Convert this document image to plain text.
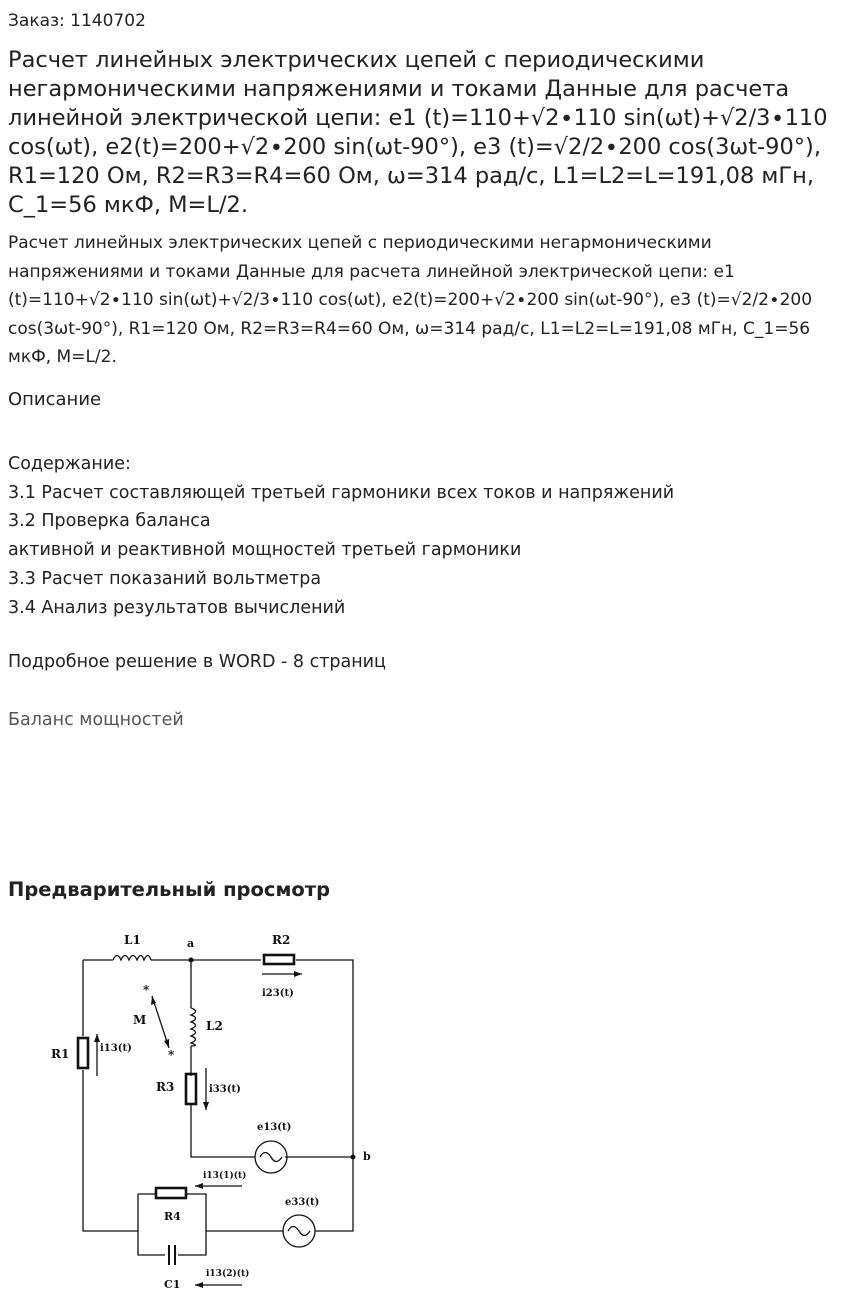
Заказ: 1140702
Расчет линейных электрических цепей с периодическими негармоническими напряжениями и токами Данные для расчета линейной электрической цепи: e1 (t)=110+√2∙110 sin(ωt)+√2/3∙110 cos(ωt), e2(t)=200+√2∙200 sin(ωt-90°), e3 (t)=√2/2∙200 cos(3ωt-90°), R1=120 Ом, R2=R3=R4=60 Ом, ω=314 рад/с, L1=L2=L=191,08 мГн, C_1=56 мкФ, M=L/2.

Расчет линейных электрических цепей с периодическими негармоническими напряжениями и токами Данные для расчета линейной электрической цепи: e1 (t)=110+√2∙110 sin(ωt)+√2/3∙110 cos(ωt), e2(t)=200+√2∙200 sin(ωt-90°), e3 (t)=√2/2∙200 cos(3ωt-90°), R1=120 Ом, R2=R3=R4=60 Ом, ω=314 рад/с, L1=L2=L=191,08 мГн, C_1=56 мкФ, M=L/2.

Описание
Содержание:
3.1 Расчет составляющей третьей гармоники всех токов и напряжений
3.2 Проверка баланса
активной и реактивной мощностей третьей гармоники
3.3 Расчет показаний вольтметра
3.4 Анализ результатов вычислений
Подробное решение в WORD - 8 страниц
Баланс мощностей
Предварительный просмотр
L1	a	R2
i23(t)
M
*
*
L2
R1	i13(t)
R3	i33(t)
e13(t)
b
i13(1)(t)
R4
e33(t)
C1
i13(2)(t)
